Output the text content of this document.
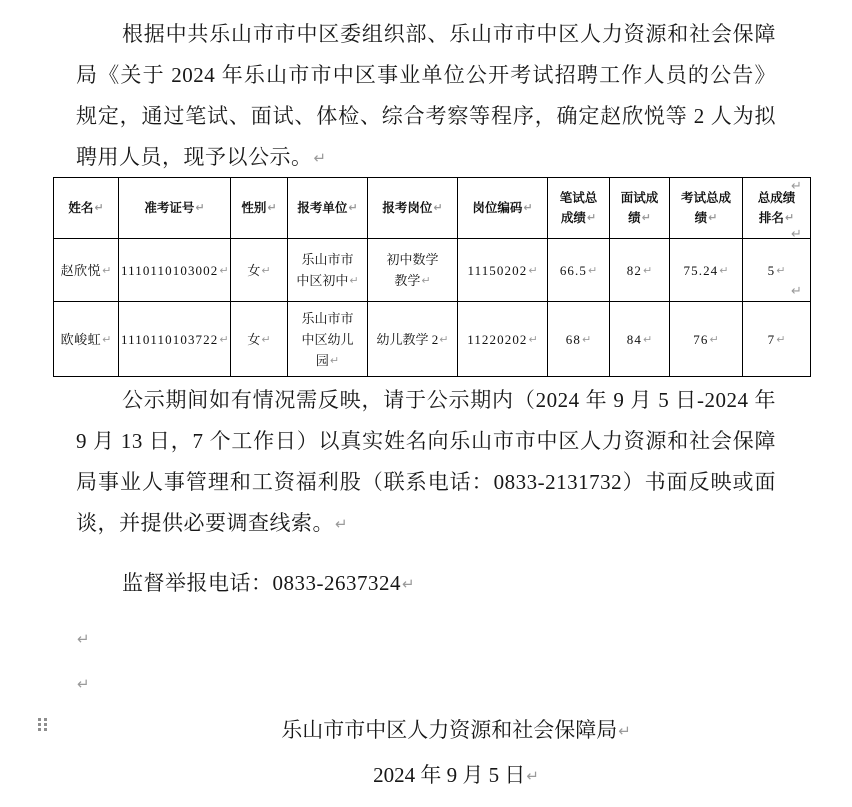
根据中共乐山市市中区委组织部、乐山市市中区人力资源和社会保障局《关于 2024 年乐山市市中区事业单位公开考试招聘工作人员的公告》规定，通过笔试、面试、体检、综合考察等程序，确定赵欣悦等 2 人为拟聘用人员，现予以公示。↵
姓名↵	准考证号↵	性别↵	报考单位↵	报考岗位↵	岗位编码↵	笔试总
成绩↵	面试成
绩↵	考试总成
绩↵	总成绩
排名↵
赵欣悦↵	1110110103002↵	女↵	乐山市市
中区初中↵	初中数学
教学↵	11150202↵	66.5↵	82↵	75.24↵	5↵
欧峻虹↵	1110110103722↵	女↵	乐山市市
中区幼儿
园↵	幼儿教学 2↵	11220202↵	68↵	84↵	76↵	7↵
↵
↵
↵
公示期间如有情况需反映，请于公示期内（2024 年 9 月 5 日-2024 年 9 月 13 日，7 个工作日）以真实姓名向乐山市市中区人力资源和社会保障局事业人事管理和工资福利股（联系电话：0833-2131732）书面反映或面谈，并提供必要调查线索。↵
监督举报电话：0833-2637324↵
↵
↵
乐山市市中区人力资源和社会保障局↵
2024 年 9 月 5 日↵
